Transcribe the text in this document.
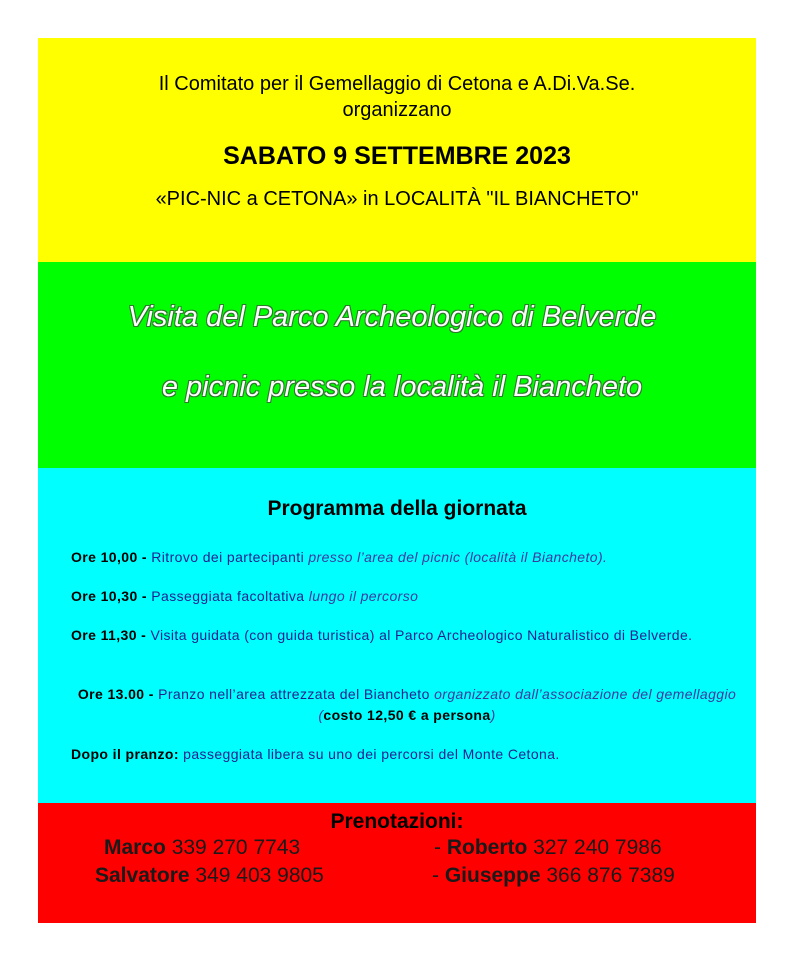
Il Comitato per il Gemellaggio di Cetona e A.Di.Va.Se.
organizzano
SABATO 9 SETTEMBRE 2023
«PIC-NIC a CETONA» in LOCALITÀ "IL BIANCHETO"
Visita del Parco Archeologico di Belverde
e picnic presso la località il Biancheto
Programma della giornata
Ore 10,00 - Ritrovo dei partecipanti presso l’area del picnic (località il Biancheto).
Ore 10,30 - Passeggiata facoltativa lungo il percorso
Ore 11,30 - Visita guidata (con guida turistica) al Parco Archeologico Naturalistico di Belverde.
Ore 13.00 - Pranzo nell’area attrezzata del Biancheto organizzato dall’associazione del gemellaggio (costo 12,50 € a persona)
Dopo il pranzo: passeggiata libera su uno dei percorsi del Monte Cetona.
Prenotazioni:
Marco 339 270 7743	- Roberto 327 240 7986
Salvatore 349 403 9805	- Giuseppe 366 876 7389
